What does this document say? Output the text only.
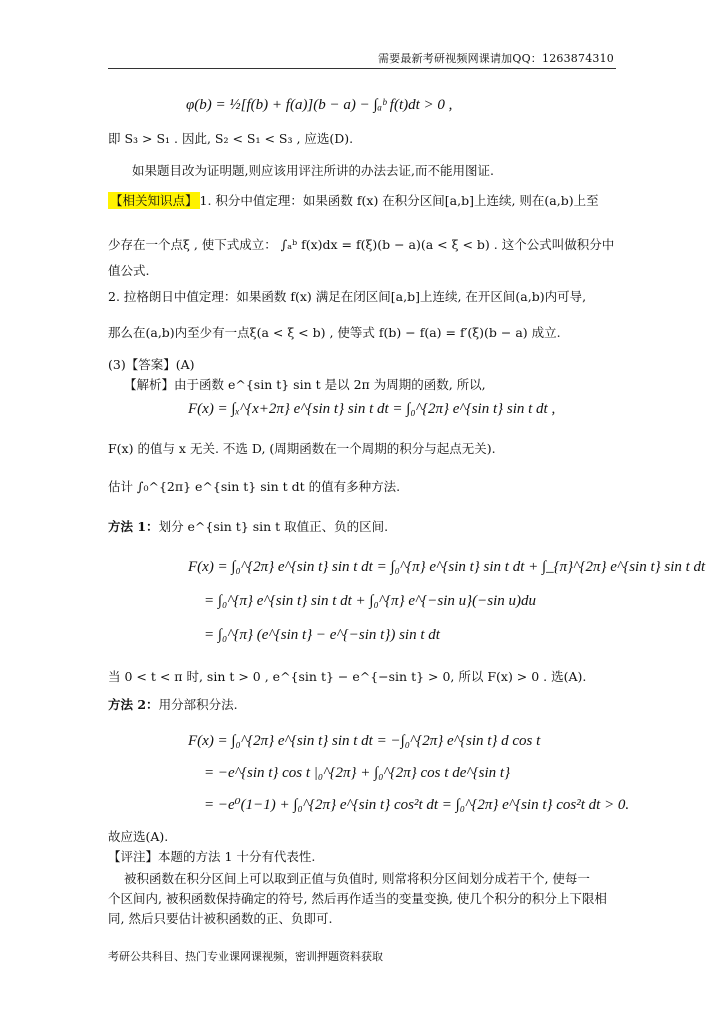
需要最新考研视频网课请加QQ：1263874310
φ(b) = ½[f(b) + f(a)](b − a) − ∫ₐᵇ f(t)dt > 0 ,
即 S₃ > S₁ . 因此, S₂ < S₁ < S₃ , 应选(D).
如果题目改为证明题,则应该用评注所讲的办法去证,而不能用图证.
【相关知识点】 1. 积分中值定理：如果函数 f(x) 在积分区间[a,b]上连续, 则在(a,b)上至
少存在一个点ξ , 使下式成立： ∫ₐᵇ f(x)dx = f(ξ)(b − a)(a < ξ < b) . 这个公式叫做积分中
值公式.
2. 拉格朗日中值定理：如果函数 f(x) 满足在闭区间[a,b]上连续, 在开区间(a,b)内可导,
那么在(a,b)内至少有一点ξ(a < ξ < b) , 使等式 f(b) − f(a) = f′(ξ)(b − a) 成立.
(3)【答案】(A)
【解析】由于函数 e^{sin t} sin t 是以 2π 为周期的函数, 所以,
F(x) = ∫ₓ^{x+2π} e^{sin t} sin t dt = ∫₀^{2π} e^{sin t} sin t dt ,
F(x) 的值与 x 无关. 不选 D, (周期函数在一个周期的积分与起点无关).
估计 ∫₀^{2π} e^{sin t} sin t dt 的值有多种方法.
方法 1：划分 e^{sin t} sin t 取值正、负的区间.
F(x) = ∫₀^{2π} e^{sin t} sin t dt = ∫₀^{π} e^{sin t} sin t dt + ∫_{π}^{2π} e^{sin t} sin t dt
= ∫₀^{π} e^{sin t} sin t dt + ∫₀^{π} e^{−sin u}(−sin u)du
= ∫₀^{π} (e^{sin t} − e^{−sin t}) sin t dt
当 0 < t < π 时, sin t > 0 , e^{sin t} − e^{−sin t} > 0, 所以 F(x) > 0 . 选(A).
方法 2：用分部积分法.
F(x) = ∫₀^{2π} e^{sin t} sin t dt = −∫₀^{2π} e^{sin t} d cos t
= −e^{sin t} cos t |₀^{2π} + ∫₀^{2π} cos t de^{sin t}
= −e⁰(1−1) + ∫₀^{2π} e^{sin t} cos²t dt = ∫₀^{2π} e^{sin t} cos²t dt > 0.
故应选(A).
【评注】本题的方法 1 十分有代表性.
被积函数在积分区间上可以取到正值与负值时, 则常将积分区间划分成若干个, 使每一
个区间内, 被积函数保持确定的符号, 然后再作适当的变量变换, 使几个积分的积分上下限相
同, 然后只要估计被积函数的正、负即可.
考研公共科目、热门专业课网课视频，密训押题资料获取
